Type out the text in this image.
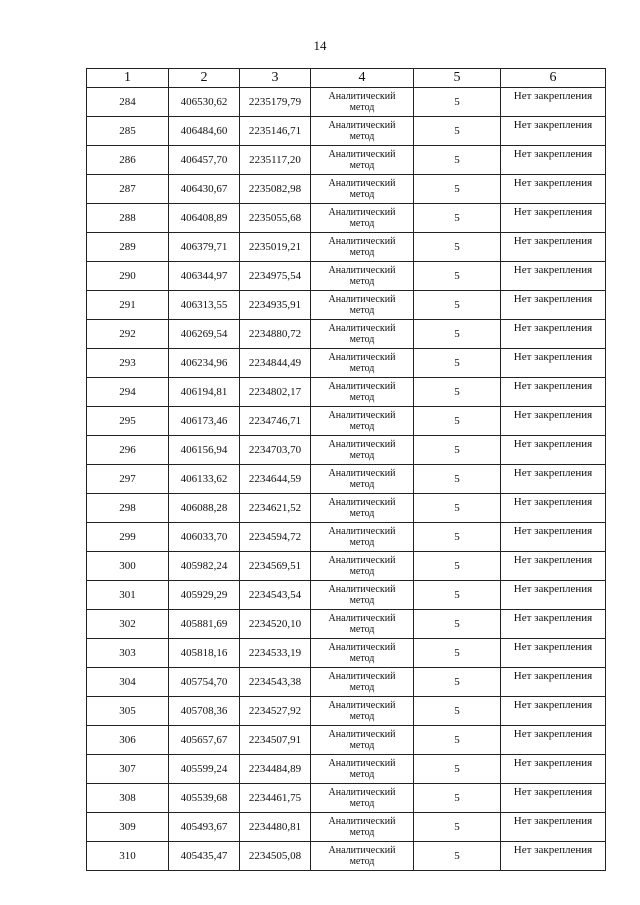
14
1	2	3	4	5	6
284	406530,62	2235179,79	Аналитический
метод	5	Нет закрепления
285	406484,60	2235146,71	Аналитический
метод	5	Нет закрепления
286	406457,70	2235117,20	Аналитический
метод	5	Нет закрепления
287	406430,67	2235082,98	Аналитический
метод	5	Нет закрепления
288	406408,89	2235055,68	Аналитический
метод	5	Нет закрепления
289	406379,71	2235019,21	Аналитический
метод	5	Нет закрепления
290	406344,97	2234975,54	Аналитический
метод	5	Нет закрепления
291	406313,55	2234935,91	Аналитический
метод	5	Нет закрепления
292	406269,54	2234880,72	Аналитический
метод	5	Нет закрепления
293	406234,96	2234844,49	Аналитический
метод	5	Нет закрепления
294	406194,81	2234802,17	Аналитический
метод	5	Нет закрепления
295	406173,46	2234746,71	Аналитический
метод	5	Нет закрепления
296	406156,94	2234703,70	Аналитический
метод	5	Нет закрепления
297	406133,62	2234644,59	Аналитический
метод	5	Нет закрепления
298	406088,28	2234621,52	Аналитический
метод	5	Нет закрепления
299	406033,70	2234594,72	Аналитический
метод	5	Нет закрепления
300	405982,24	2234569,51	Аналитический
метод	5	Нет закрепления
301	405929,29	2234543,54	Аналитический
метод	5	Нет закрепления
302	405881,69	2234520,10	Аналитический
метод	5	Нет закрепления
303	405818,16	2234533,19	Аналитический
метод	5	Нет закрепления
304	405754,70	2234543,38	Аналитический
метод	5	Нет закрепления
305	405708,36	2234527,92	Аналитический
метод	5	Нет закрепления
306	405657,67	2234507,91	Аналитический
метод	5	Нет закрепления
307	405599,24	2234484,89	Аналитический
метод	5	Нет закрепления
308	405539,68	2234461,75	Аналитический
метод	5	Нет закрепления
309	405493,67	2234480,81	Аналитический
метод	5	Нет закрепления
310	405435,47	2234505,08	Аналитический
метод	5	Нет закрепления
